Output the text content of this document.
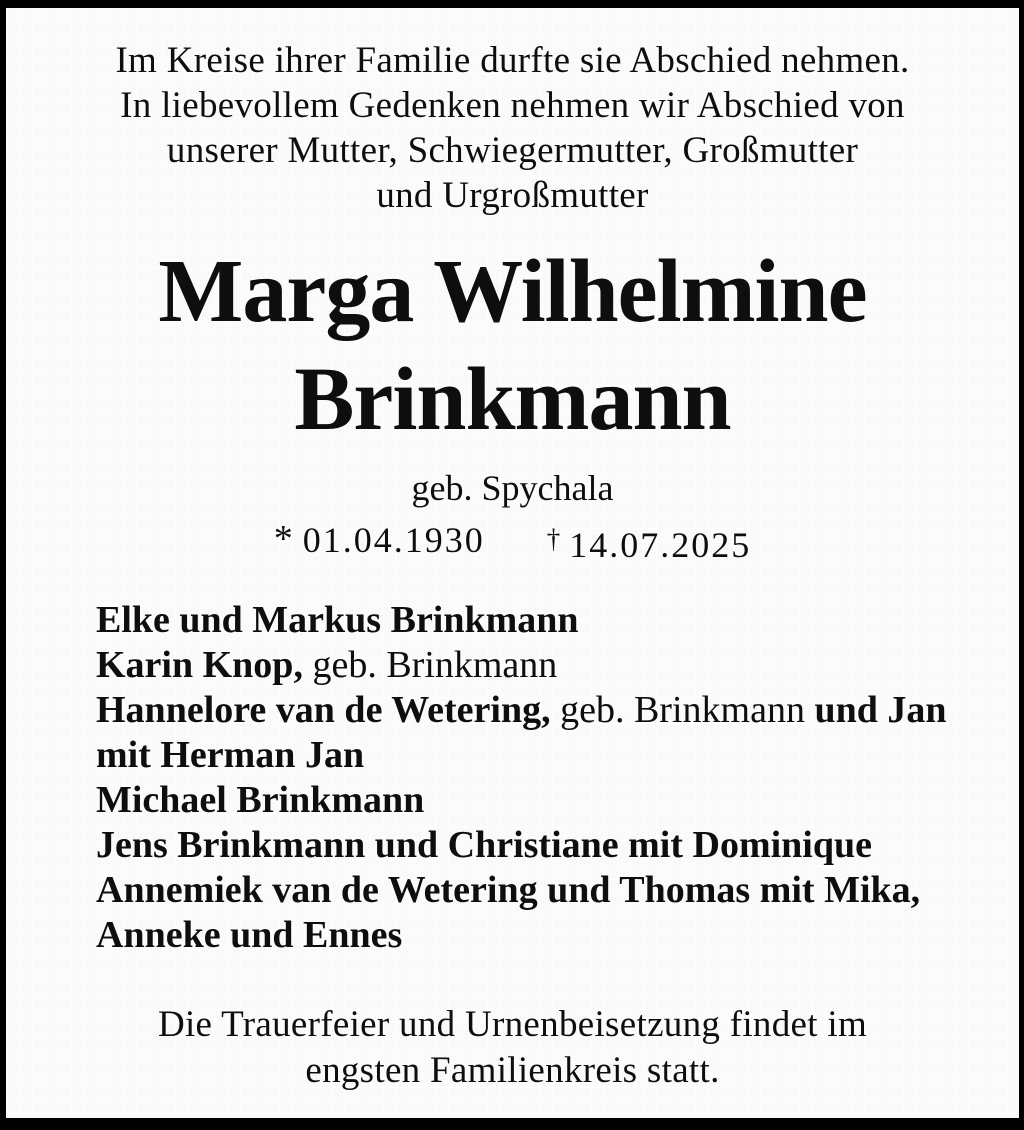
Im Kreise ihrer Familie durfte sie Abschied nehmen.
In liebevollem Gedenken nehmen wir Abschied von
unserer Mutter, Schwiegermutter, Großmutter
und Urgroßmutter
Marga Wilhelmine
Brinkmann
geb. Spychala
* 01.04.1930 † 14.07.2025
Elke und Markus Brinkmann
Karin Knop, geb. Brinkmann
Hannelore van de Wetering, geb. Brinkmann und Jan
mit Herman Jan
Michael Brinkmann
Jens Brinkmann und Christiane mit Dominique
Annemiek van de Wetering und Thomas mit Mika,
Anneke und Ennes
Die Trauerfeier und Urnenbeisetzung findet im
engsten Familienkreis statt.
